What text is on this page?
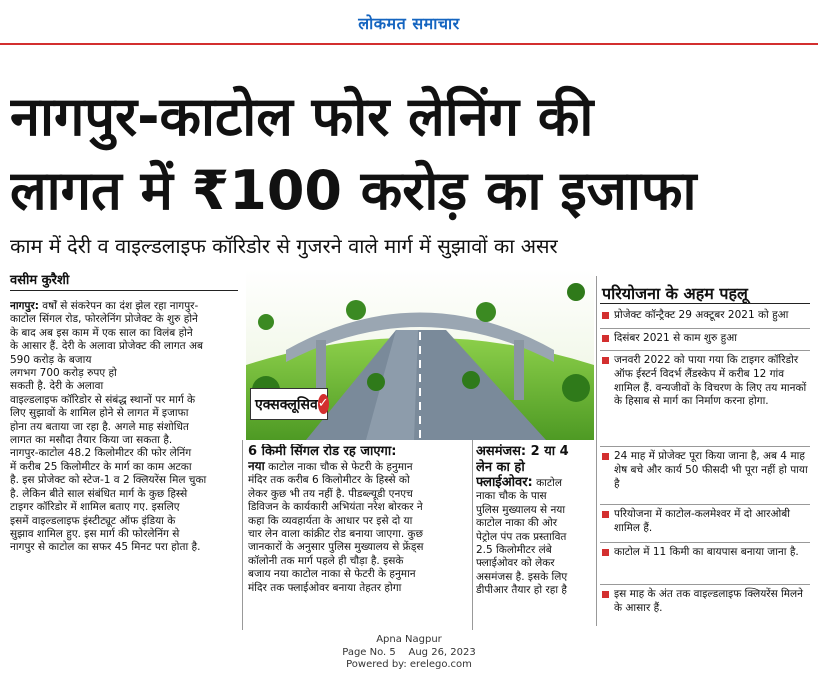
लोकमत समाचार
नागपुर-काटोल फोर लेनिंग की
लागत में ₹100 करोड़ का इजाफा
काम में देरी व वाइल्डलाइफ कॉरिडोर से गुजरने वाले मार्ग में सुझावों का असर
वसीम कुरैशी
एक्सक्लूसिव ✓
नागपुर: वर्षों से संकरेपन का दंश झेल रहा नागपुर-
काटोल सिंगल रोड, फोरलेनिंग प्रोजेक्ट के शुरु होने
के बाद अब इस काम में एक साल का विलंब होने
के आसार हैं. देरी के अलावा प्रोजेक्ट की लागत अब
590 करोड़ के बजाय
लगभग 700 करोड़ रुपए हो
सकती है. देरी के अलावा
वाइल्डलाइफ कॉरिडोर से संबंद्ध स्थानों पर मार्ग के
लिए सुझावों के शामिल होने से लागत में इजाफा
होना तय बताया जा रहा है. अगले माह संशोधित
लागत का मसौदा तैयार किया जा सकता है.
नागपुर-काटोल 48.2 किलोमीटर की फोर लेनिंग
में करीब 25 किलोमीटर के मार्ग का काम अटका
है. इस प्रोजेक्ट को स्टेज-1 व 2 क्लियरेंस मिल चुका
है. लेकिन बीते साल संबंधित मार्ग के कुछ हिस्से
टाइगर कॉरिडोर में शामिल बताए गए. इसलिए
इसमें वाइल्डलाइफ इंस्टीट्यूट ऑफ इंडिया के
सुझाव शामिल हुए. इस मार्ग की फोरलेनिंग से
नागपुर से काटोल का सफर 45 मिनट परा होता है.
6 किमी सिंगल रोड रह जाएगा:
नया काटोल नाका चौक से फेटरी के हनुमान
मंदिर तक करीब 6 किलोमीटर के हिस्से को
लेकर कुछ भी तय नहीं है. पीडब्ल्यूडी एनएच
डिविजन के कार्यकारी अभियंता नरेश बोरकर ने
कहा कि व्यवहार्यता के आधार पर इसे दो या
चार लेन वाला कांक्रीट रोड बनाया जाएगा. कुछ
जानकारों के अनुसार पुलिस मुख्यालय से फ्रेंड्स
कॉलोनी तक मार्ग पहले ही चौड़ा है. इसके
बजाय नया काटोल नाका से फेटरी के हनुमान
मंदिर तक फ्लाईओवर बनाया तेहतर होगा
असमंजस: 2 या 4
लेन का हो
फ्लाईओवर: काटोल
नाका चौक के पास
पुलिस मुख्यालय से नया
काटोल नाका की ओर
पेट्रोल पंप तक प्रस्तावित
2.5 किलोमीटर लंबे
फ्लाईओवर को लेकर
असमंजस है. इसके लिए
डीपीआर तैयार हो रहा है
परियोजना के अहम पहलू
प्रोजेक्ट कॉन्ट्रैक्ट 29 अक्टूबर 2021 को हुआ
दिसंबर 2021 से काम शुरु हुआ
जनवरी 2022 को पाया गया कि टाइगर कॉरिडोर ऑफ ईस्टर्न विदर्भ लैंडस्केप में करीब 12 गांव शामिल हैं. वन्यजीवों के विचरण के लिए तय मानकों के हिसाब से मार्ग का निर्माण करना होगा.
24 माह में प्रोजेक्ट पूरा किया जाना है, अब 4 माह शेष बचे और कार्य 50 फीसदी भी पूरा नहीं हो पाया है
परियोजना में काटोल-कलमेश्वर में दो आरओबी शामिल हैं.
काटोल में 11 किमी का बायपास बनाया जाना है.
इस माह के अंत तक वाइल्डलाइफ क्लियरेंस मिलने के आसार हैं.
Apna Nagpur
Page No. 5    Aug 26, 2023
Powered by: erelego.com
